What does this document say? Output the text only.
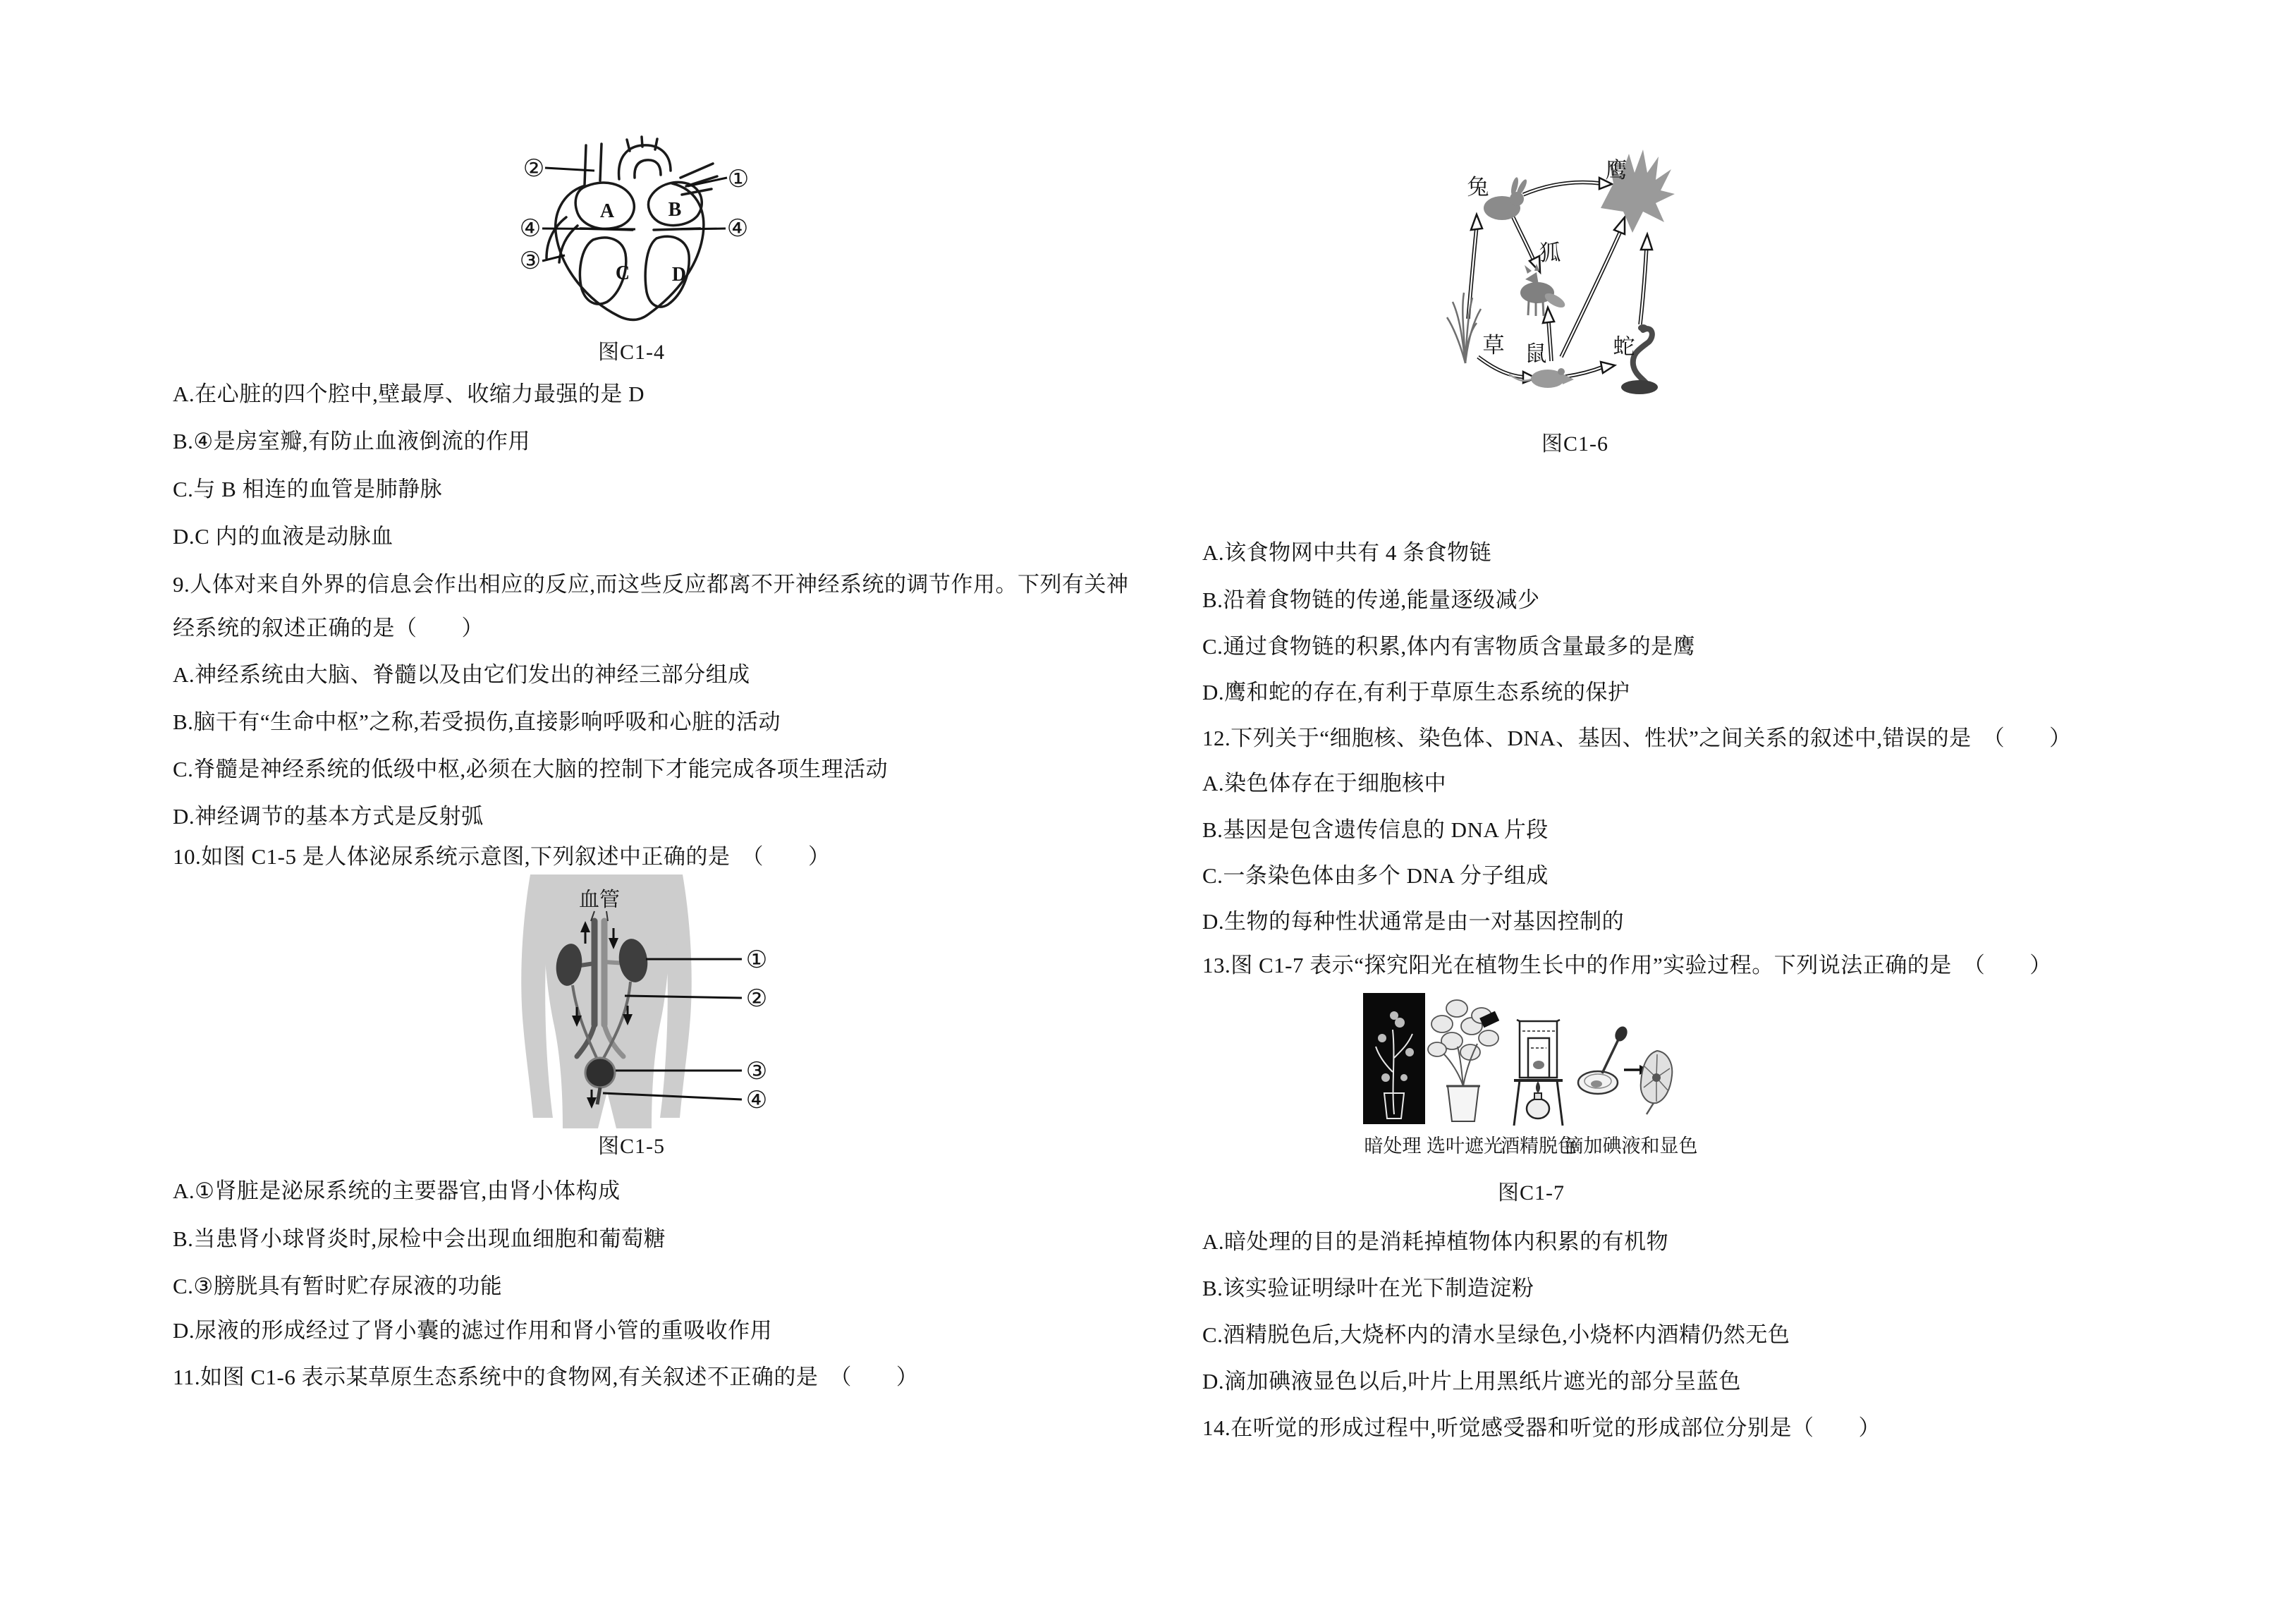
②	①
④	④
③
A	B
C D
图C1-4
A.在心脏的四个腔中,壁最厚、收缩力最强的是 D
B.④是房室瓣,有防止血液倒流的作用
C.与 B 相连的血管是肺静脉
D.C 内的血液是动脉血
9.人体对来自外界的信息会作出相应的反应,而这些反应都离不开神经系统的调节作用。下列有关神
经系统的叙述正确的是（　　）
A.神经系统由大脑、脊髓以及由它们发出的神经三部分组成
B.脑干有“生命中枢”之称,若受损伤,直接影响呼吸和心脏的活动
C.脊髓是神经系统的低级中枢,必须在大脑的控制下才能完成各项生理活动
D.神经调节的基本方式是反射弧
10.如图 C1-5 是人体泌尿系统示意图,下列叙述中正确的是　（　　）
血管
①
②
③
④
图C1-5
A.①肾脏是泌尿系统的主要器官,由肾小体构成
B.当患肾小球肾炎时,尿检中会出现血细胞和葡萄糖
C.③膀胱具有暂时贮存尿液的功能
D.尿液的形成经过了肾小囊的滤过作用和肾小管的重吸收作用
11.如图 C1-6 表示某草原生态系统中的食物网,有关叙述不正确的是　（　　）
兔
鹰
狐
草 鼠	蛇
图C1-6
A.该食物网中共有 4 条食物链
B.沿着食物链的传递,能量逐级减少
C.通过食物链的积累,体内有害物质含量最多的是鹰
D.鹰和蛇的存在,有利于草原生态系统的保护
12.下列关于“细胞核、染色体、DNA、基因、性状”之间关系的叙述中,错误的是　（　　）
A.染色体存在于细胞核中
B.基因是包含遗传信息的 DNA 片段
C.一条染色体由多个 DNA 分子组成
D.生物的每种性状通常是由一对基因控制的
13.图 C1-7 表示“探究阳光在植物生长中的作用”实验过程。下列说法正确的是　（　　）
暗处理 选叶遮光
酒精脱色
滴加碘液和显色
图C1-7
A.暗处理的目的是消耗掉植物体内积累的有机物
B.该实验证明绿叶在光下制造淀粉
C.酒精脱色后,大烧杯内的清水呈绿色,小烧杯内酒精仍然无色
D.滴加碘液显色以后,叶片上用黑纸片遮光的部分呈蓝色
14.在听觉的形成过程中,听觉感受器和听觉的形成部位分别是（　　）
